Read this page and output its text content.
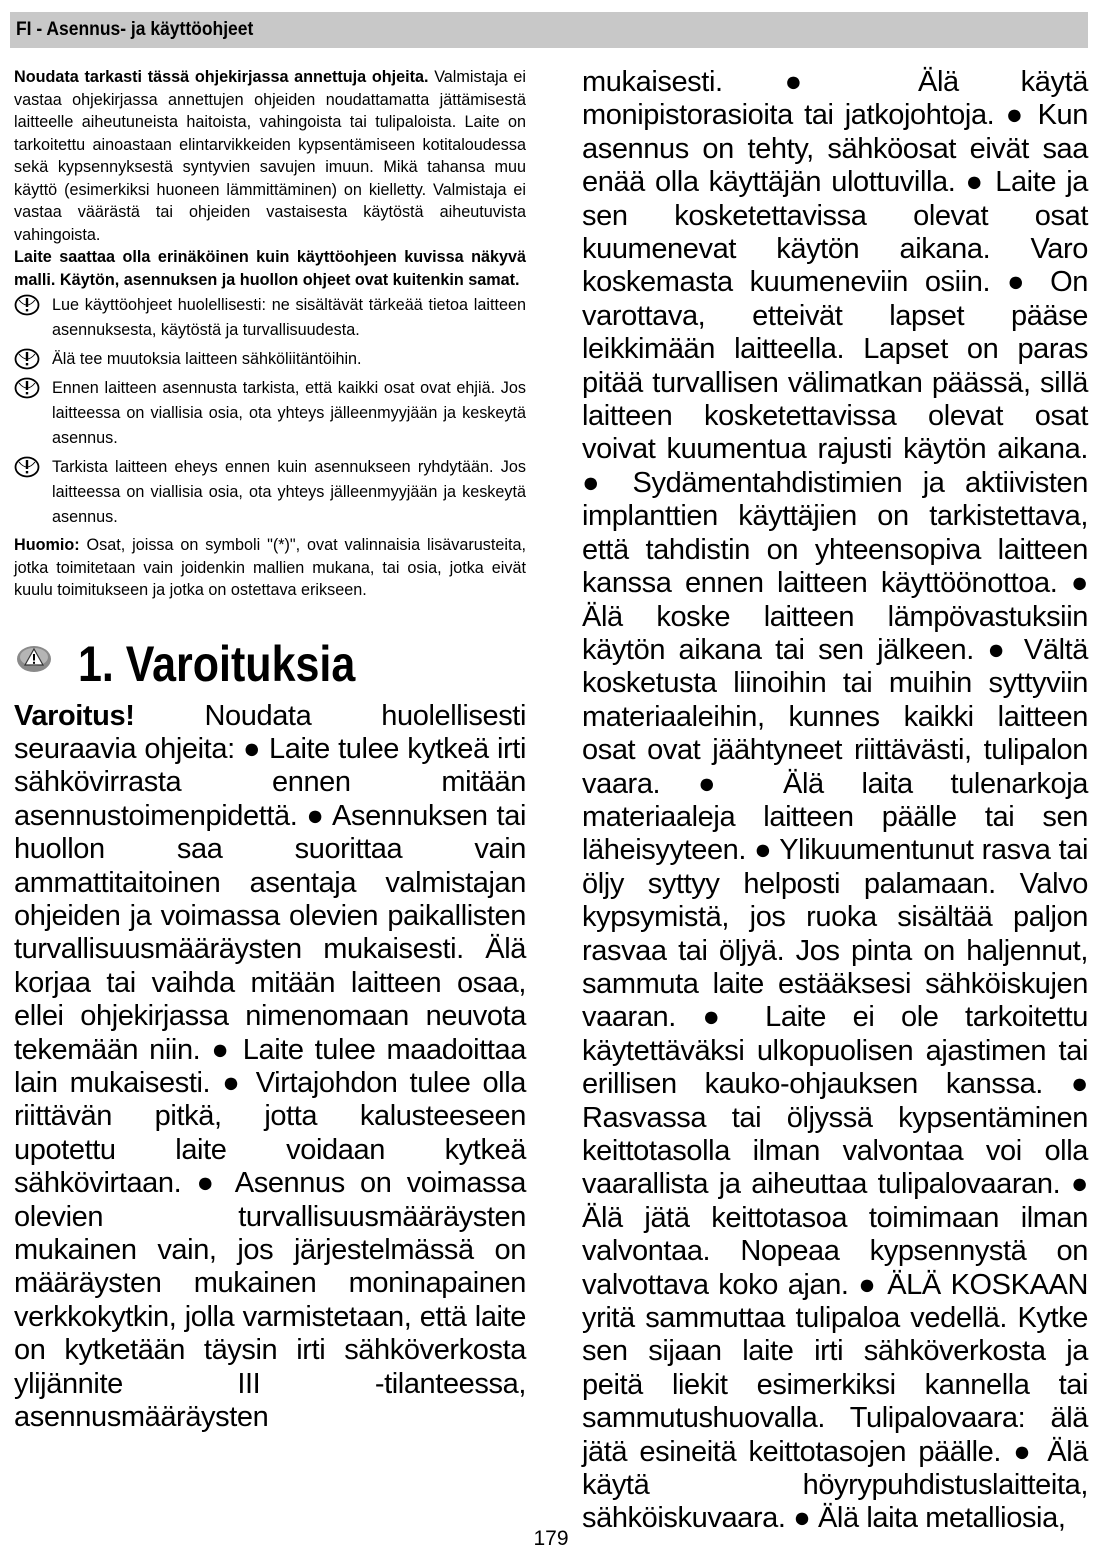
FI - Asennus- ja käyttöohjeet

Noudata tarkasti tässä ohjekirjassa annettuja ohjeita. Valmistaja ei vastaa ohjekirjassa annettujen ohjeiden noudattamatta jättämisestä laitteelle aiheutuneista haitoista, vahingoista tai tulipaloista. Laite on tarkoitettu ainoastaan elintarvikkeiden kypsentämiseen kotitaloudessa sekä kypsennyksestä syntyvien savujen imuun. Mikä tahansa muu käyttö (esimerkiksi huoneen lämmittäminen) on kielletty. Valmistaja ei vastaa väärästä tai ohjeiden vastaisesta käytöstä aiheutuvista vahingoista.

Laite saattaa olla erinäköinen kuin käyttöohjeen kuvissa näkyvä malli. Käytön, asennuksen ja huollon ohjeet ovat kuitenkin samat.

Lue käyttöohjeet huolellisesti: ne sisältävät tärkeää tietoa laitteen asennuksesta, käytöstä ja turvallisuudesta.
Älä tee muutoksia laitteen sähköliitäntöihin.
Ennen laitteen asennusta tarkista, että kaikki osat ovat ehjiä. Jos laitteessa on viallisia osia, ota yhteys jälleenmyyjään ja keskeytä asennus.
Tarkista laitteen eheys ennen kuin asennukseen ryhdytään. Jos laitteessa on viallisia osia, ota yhteys jälleenmyyjään ja keskeytä asennus.

Huomio: Osat, joissa on symboli "(*)", ovat valinnaisia lisävarusteita, jotka toimitetaan vain joidenkin mallien mukana, tai osia, jotka eivät kuulu toimitukseen ja jotka on ostettava erikseen.

1. Varoituksia

Varoitus! Noudata huolellisesti seuraavia ohjeita: ● Laite tulee kytkeä irti sähkövirrasta ennen mitään asennustoimenpidettä. ● Asennuksen tai huollon saa suorittaa vain ammattitaitoinen asentaja valmistajan ohjeiden ja voimassa olevien paikallisten turvallisuusmääräysten mukaisesti. Älä korjaa tai vaihda mitään laitteen osaa, ellei ohjekirjassa nimenomaan neuvota tekemään niin. ● Laite tulee maadoittaa lain mukaisesti. ● Virtajohdon tulee olla riittävän pitkä, jotta kalusteeseen upotettu laite voidaan kytkeä sähkövirtaan. ● Asennus on voimassa olevien turvallisuusmääräysten mukainen vain, jos järjestelmässä on määräysten mukainen moninapainen verkkokytkin, jolla varmistetaan, että laite on kytketään täysin irti sähköverkosta ylijännite III -tilanteessa, asennusmääräysten

mukaisesti. ● Älä käytä monipistorasioita tai jatkojohtoja. ● Kun asennus on tehty, sähköosat eivät saa enää olla käyttäjän ulottuvilla. ● Laite ja sen kosketettavissa olevat osat kuumenevat käytön aikana. Varo koskemasta kuumeneviin osiin. ● On varottava, etteivät lapset pääse leikkimään laitteella. Lapset on paras pitää turvallisen välimatkan päässä, sillä laitteen kosketettavissa olevat osat voivat kuumentua rajusti käytön aikana. ● Sydämentahdistimien ja aktiivisten implanttien käyttäjien on tarkistettava, että tahdistin on yhteensopiva laitteen kanssa ennen laitteen käyttöönottoa. ● Älä koske laitteen lämpövastuksiin käytön aikana tai sen jälkeen. ● Vältä kosketusta liinoihin tai muihin syttyviin materiaaleihin, kunnes kaikki laitteen osat ovat jäähtyneet riittävästi, tulipalon vaara. ● Älä laita tulenarkoja materiaaleja laitteen päälle tai sen läheisyyteen. ● Ylikuumentunut rasva tai öljy syttyy helposti palamaan. Valvo kypsymistä, jos ruoka sisältää paljon rasvaa tai öljyä. Jos pinta on haljennut, sammuta laite estääksesi sähköiskujen vaaran. ● Laite ei ole tarkoitettu käytettäväksi ulkopuolisen ajastimen tai erillisen kauko-ohjauksen kanssa. ● Rasvassa tai öljyssä kypsentäminen keittotasolla ilman valvontaa voi olla vaarallista ja aiheuttaa tulipalovaaran. ● Älä jätä keittotasoa toimimaan ilman valvontaa. Nopeaa kypsennystä on valvottava koko ajan. ● ÄLÄ KOSKAAN yritä sammuttaa tulipaloa vedellä. Kytke sen sijaan laite irti sähköverkosta ja peitä liekit esimerkiksi kannella tai sammutushuovalla. Tulipalovaara: älä jätä esineitä keittotasojen päälle. ● Älä käytä höyrypuhdistuslaitteita, sähköiskuvaara. ● Älä laita metalliosia,

179
